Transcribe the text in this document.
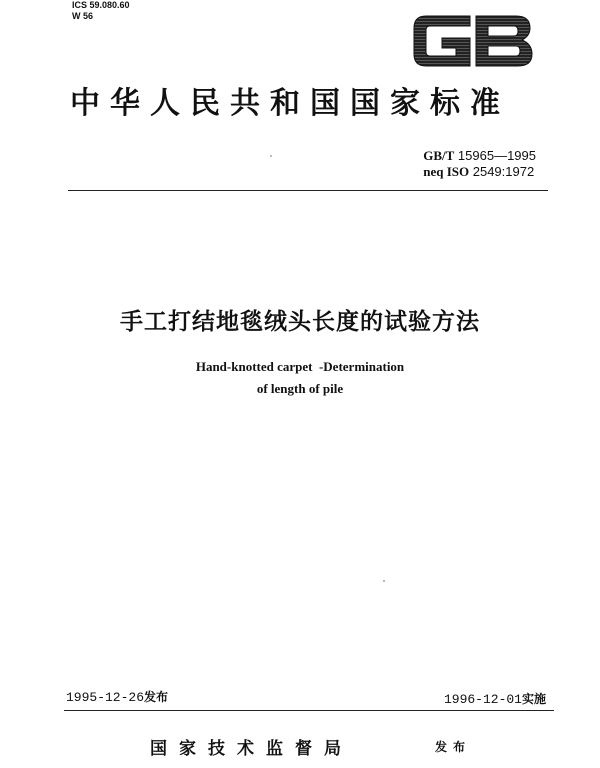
ICS 59.080.60
W 56
中华人民共和国国家标准
GB/T 15965—1995
neq ISO 2549:1972
手工打结地毯绒头长度的试验方法
Hand-knotted carpet  -Determination
of length of pile
1995-12-26发布	1996-12-01实施
国家技术监督局	发布
